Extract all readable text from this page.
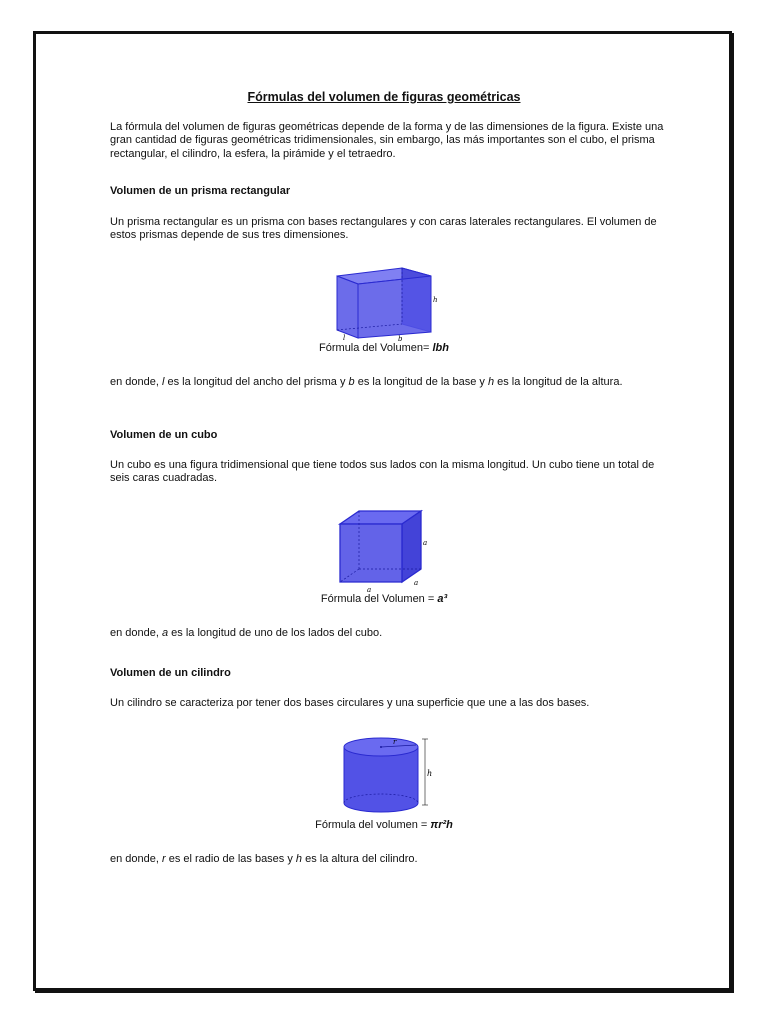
Fórmulas del volumen de figuras geométricas

La fórmula del volumen de figuras geométricas depende de la forma y de las dimensiones de la figura. Existe una gran cantidad de figuras geométricas tridimensionales, sin embargo, las más importantes son el cubo, el prisma rectangular, el cilindro, la esfera, la pirámide y el tetraedro.

Volumen de un prisma rectangular

Un prisma rectangular es un prisma con bases rectangulares y con caras laterales rectangulares. El volumen de estos prismas depende de sus tres dimensiones.

h
l	b
Fórmula del Volumen= lbh

en donde, l es la longitud del ancho del prisma y b es la longitud de la base y h es la longitud de la altura.

Volumen de un cubo

Un cubo es una figura tridimensional que tiene todos sus lados con la misma longitud. Un cubo tiene un total de seis caras cuadradas.

a
a
a
Fórmula del Volumen = a³

en donde, a es la longitud de uno de los lados del cubo.

Volumen de un cilindro

Un cilindro se caracteriza por tener dos bases circulares y una superficie que une a las dos bases.

r
h
Fórmula del volumen = πr²h

en donde, r es el radio de las bases y h es la altura del cilindro.
